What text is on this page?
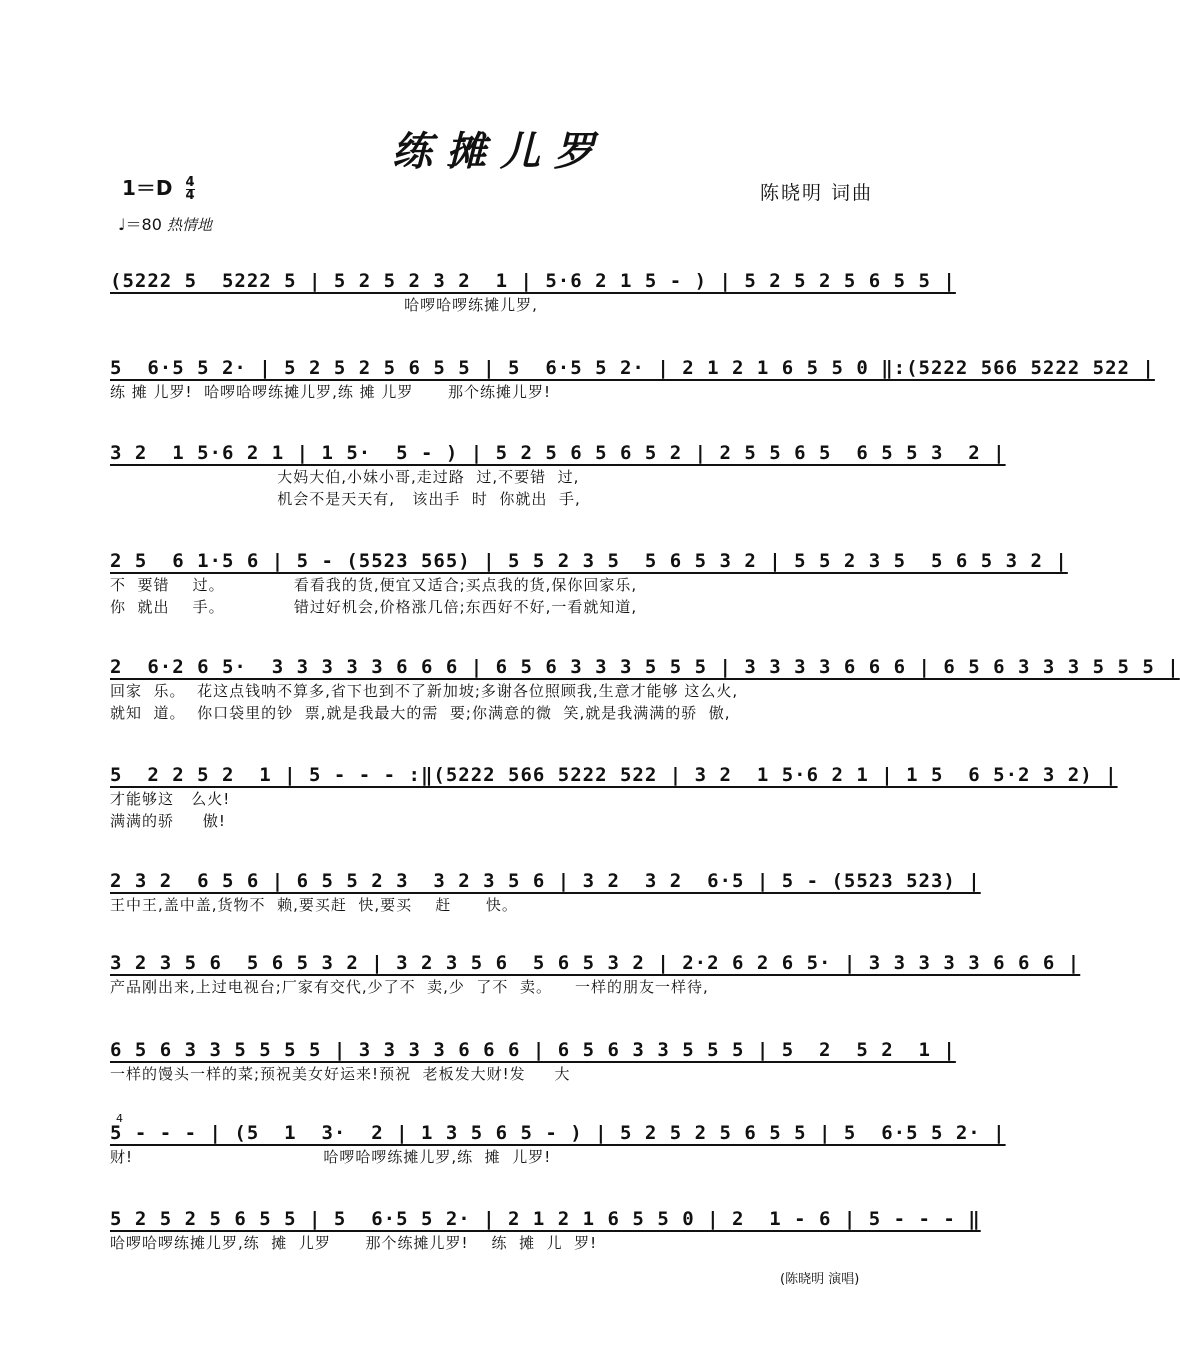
练摊儿罗
$1=D \frac{4}{4}$
♩＝80 热情地
陈晓明 词曲
(5222 5  5222 5 | 5 2 5 2 3 2  1 | 5·6 2 1 5 - ) | 5 2 5 2 5 6 5 5 |
哈啰哈啰练摊儿罗,
5  6·5 5 2· | 5 2 5 2 5 6 5 5 | 5  6·5 5 2· | 2 1 2 1 6 5 5 0 ‖:(5222 566 5222 522 |
练 摊 儿罗!  哈啰哈啰练摊儿罗,练 摊 儿罗      那个练摊儿罗!
3 2  1 5·6 2 1 | 1 5·  5 - ) | 5 2 5 6 5 6 5 2 | 2 5 5 6 5  6 5 5 3  2 |
大妈大伯,小妹小哥,走过路  过,不要错  过,
机会不是天天有,   该出手  时  你就出  手,
2 5  6 1·5 6 | 5 - (5523 565) | 5 5 2 3 5  5 6 5 3 2 | 5 5 2 3 5  5 6 5 3 2 |
不  要错    过。            看看我的货,便宜又适合;买点我的货,保你回家乐,
你  就出    手。            错过好机会,价格涨几倍;东西好不好,一看就知道,
2  6·2 6 5·  3 3 3 3 3 6 6 6 | 6 5 6 3 3 3 5 5 5 | 3 3 3 3 6 6 6 | 6 5 6 3 3 3 5 5 5 |
回家  乐。  花这点钱呐不算多,省下也到不了新加坡;多谢各位照顾我,生意才能够 这么火,
就知  道。  你口袋里的钞  票,就是我最大的需  要;你满意的微  笑,就是我满满的骄  傲,
5  2 2 5 2  1 | 5 - - - :‖(5222 566 5222 522 | 3 2  1 5·6 2 1 | 1 5  6 5·2 3 2) |
才能够这   么火!
满满的骄     傲!
2 3 2  6 5 6 | 6 5 5 2 3  3 2 3 5 6 | 3 2  3 2  6·5 | 5 - (5523 523) |
王中王,盖中盖,货物不  赖,要买赶  快,要买    赶      快。
3 2 3 5 6  5 6 5 3 2 | 3 2 3 5 6  5 6 5 3 2 | 2·2 6 2 6 5· | 3 3 3 3 3 6 6 6 |
产品刚出来,上过电视台;厂家有交代,少了不  卖,少  了不  卖。    一样的朋友一样待,
6 5 6 3 3 5 5 5 5 | 3 3 3 3 6 6 6 | 6 5 6 3 3 5 5 5 | 5  2  5 2  1 |
一样的馒头一样的菜;预祝美女好运来!预祝  老板发大财!发     大
5 - - - | (5  1  3·  2 | 1 3 5 6 5 - ) | 5 2 5 2 5 6 5 5 | 5  6·5 5 2· |
财!                                 哈啰哈啰练摊儿罗,练  摊  儿罗!
5 2 5 2 5 6 5 5 | 5  6·5 5 2· | 2 1 2 1 6 5 5 0 | 2  1 - 6 | 5 - - - ‖
哈啰哈啰练摊儿罗,练  摊  儿罗      那个练摊儿罗!    练  摊  儿  罗!
4
(陈晓明 演唱)
